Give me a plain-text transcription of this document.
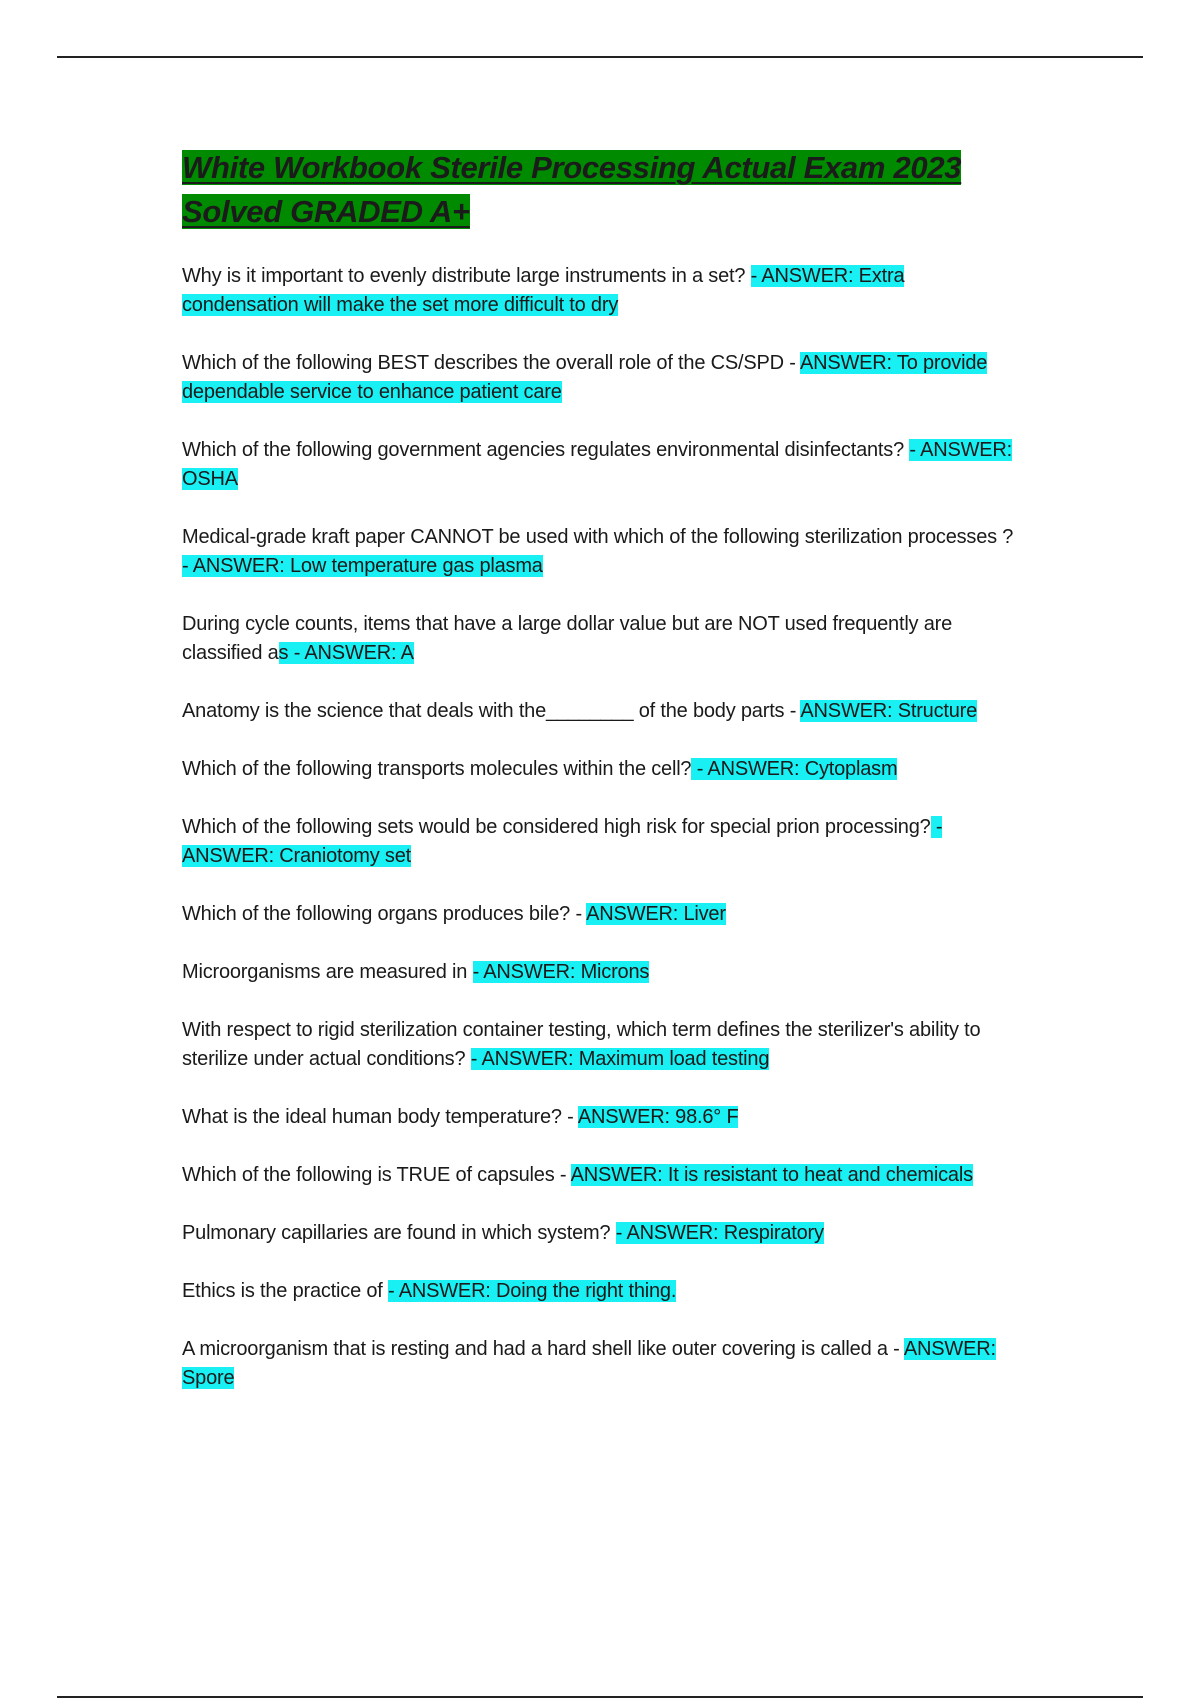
White Workbook Sterile Processing Actual Exam 2023 Solved GRADED A+
Why is it important to evenly distribute large instruments in a set? - ANSWER: Extra condensation will make the set more difficult to dry
Which of the following BEST describes the overall role of the CS/SPD - ANSWER: To provide dependable service to enhance patient care
Which of the following government agencies regulates environmental disinfectants? - ANSWER: OSHA
Medical-grade kraft paper CANNOT be used with which of the following sterilization processes ? - ANSWER: Low temperature gas plasma
During cycle counts, items that have a large dollar value but are NOT used frequently are classified as - ANSWER: A
Anatomy is the science that deals with the________ of the body parts - ANSWER: Structure
Which of the following transports molecules within the cell? - ANSWER: Cytoplasm
Which of the following sets would be considered high risk for special prion processing? - ANSWER: Craniotomy set
Which of the following organs produces bile? - ANSWER: Liver
Microorganisms are measured in - ANSWER: Microns
With respect to rigid sterilization container testing, which term defines the sterilizer's ability to sterilize under actual conditions? - ANSWER: Maximum load testing
What is the ideal human body temperature? - ANSWER: 98.6° F
Which of the following is TRUE of capsules - ANSWER: It is resistant to heat and chemicals
Pulmonary capillaries are found in which system? - ANSWER: Respiratory
Ethics is the practice of - ANSWER: Doing the right thing.
A microorganism that is resting and had a hard shell like outer covering is called a - ANSWER: Spore
